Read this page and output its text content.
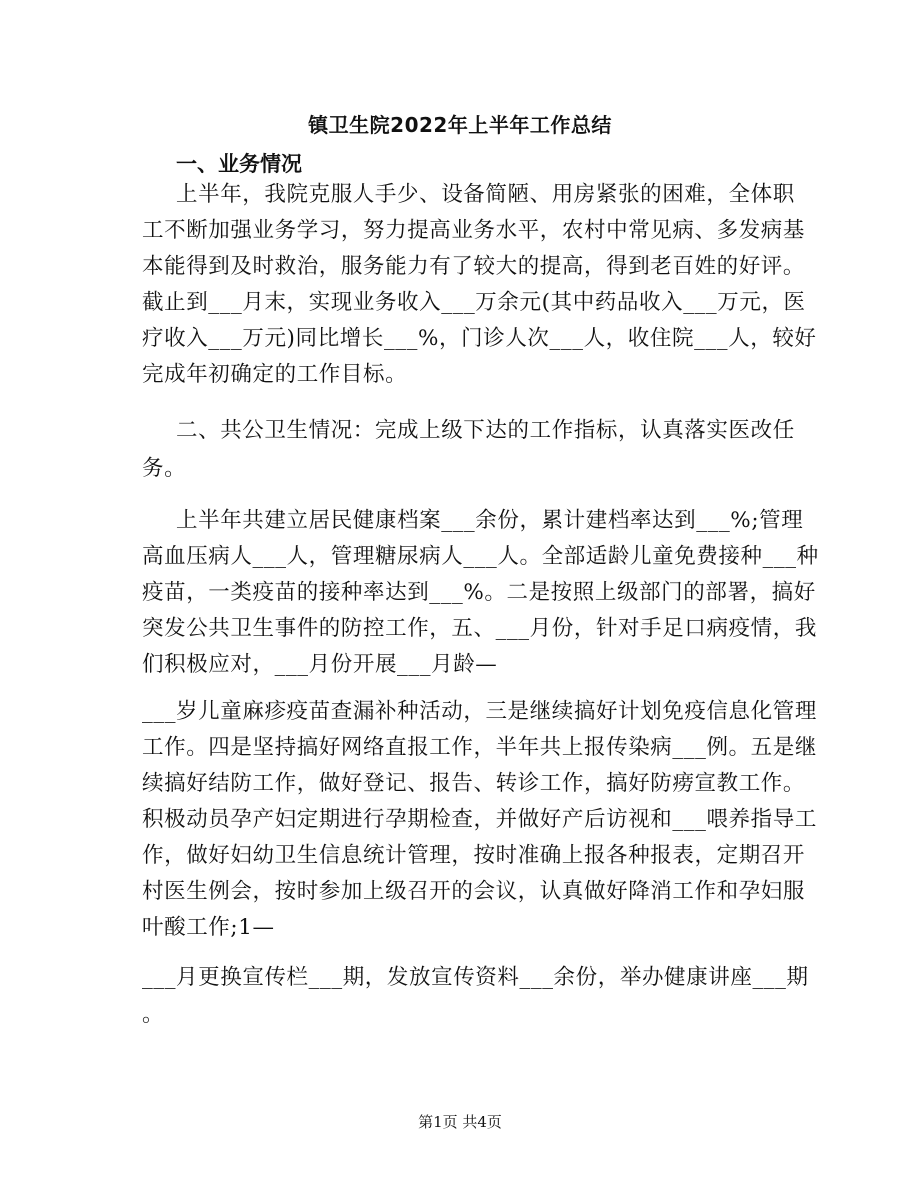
镇卫生院2022年上半年工作总结
一、业务情况
上半年，我院克服人手少、设备简陋、用房紧张的困难，全体职
工不断加强业务学习，努力提高业务水平，农村中常见病、多发病基
本能得到及时救治，服务能力有了较大的提高，得到老百姓的好评。
截止到___月末，实现业务收入___万余元(其中药品收入___万元，医
疗收入___万元)同比增长___%，门诊人次___人，收住院___人，较好
完成年初确定的工作目标。
二、共公卫生情况：完成上级下达的工作指标，认真落实医改任
务。
上半年共建立居民健康档案___余份，累计建档率达到___%;管理
高血压病人___人，管理糖尿病人___人。全部适龄儿童免费接种___种
疫苗，一类疫苗的接种率达到___%。二是按照上级部门的部署，搞好
突发公共卫生事件的防控工作，五、___月份，针对手足口病疫情，我
们积极应对，___月份开展___月龄—
___岁儿童麻疹疫苗查漏补种活动，三是继续搞好计划免疫信息化管理
工作。四是坚持搞好网络直报工作，半年共上报传染病___例。五是继
续搞好结防工作，做好登记、报告、转诊工作，搞好防痨宣教工作。
积极动员孕产妇定期进行孕期检查，并做好产后访视和___喂养指导工
作，做好妇幼卫生信息统计管理，按时准确上报各种报表，定期召开
村医生例会，按时参加上级召开的会议，认真做好降消工作和孕妇服
叶酸工作;1—
___月更换宣传栏___期，发放宣传资料___余份，举办健康讲座___期
。
第1页 共4页
